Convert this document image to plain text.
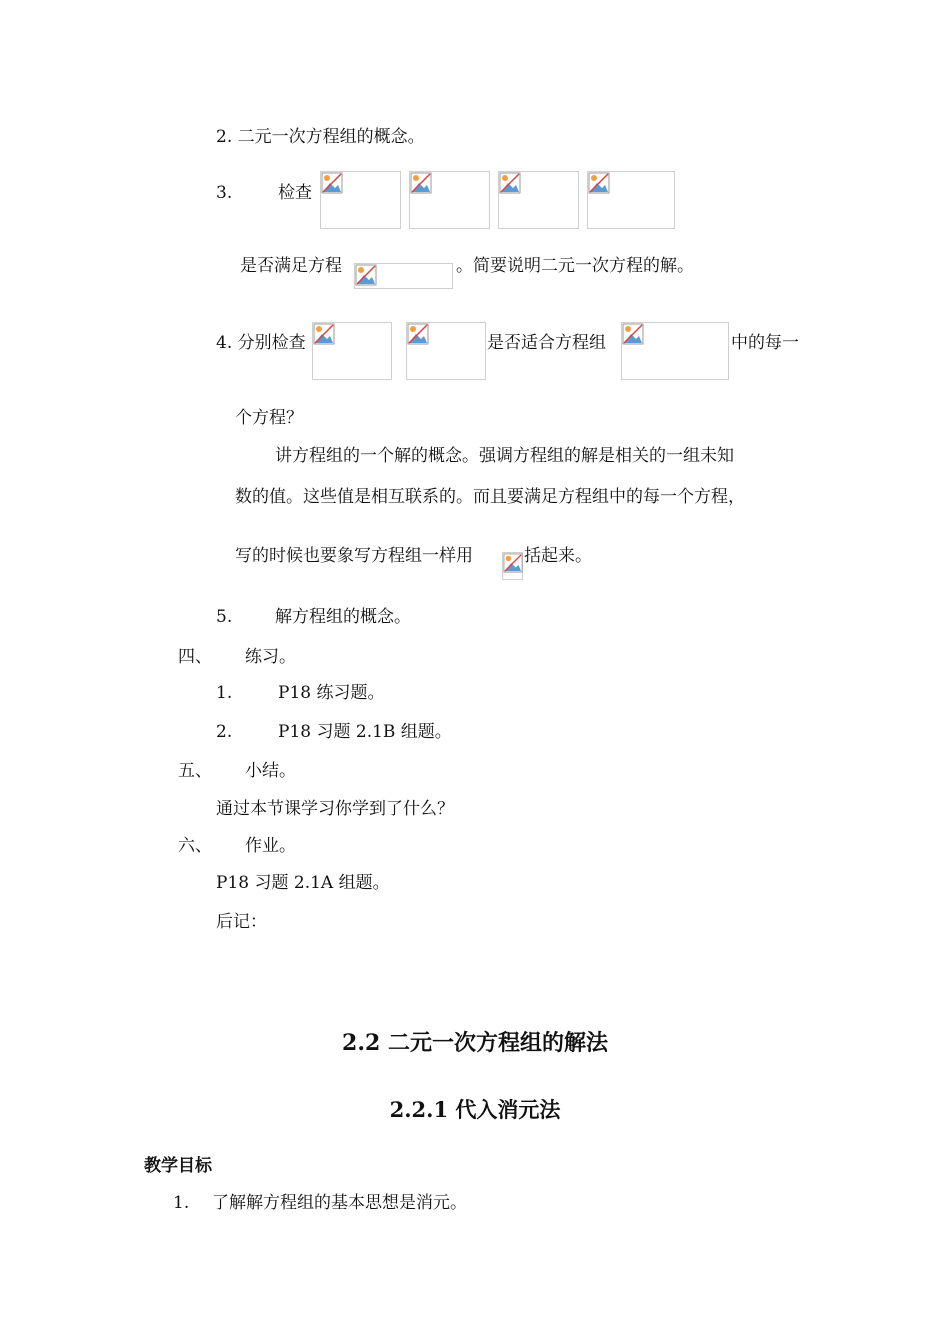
2. 二元一次方程组的概念。
3.	检查
是否满足方程	。简要说明二元一次方程的解。
4. 分别检查	是否适合方程组	中的每一
个方程？
讲方程组的一个解的概念。强调方程组的解是相关的一组未知
数的值。这些值是相互联系的。而且要满足方程组中的每一个方程，
写的时候也要象写方程组一样用	括起来。
5.	解方程组的概念。
四、 练习。
1.	P18 练习题。
2.	P18 习题 2.1B 组题。
五、 小结。
通过本节课学习你学到了什么？
六、 作业。
P18 习题 2.1A 组题。
后记：
2.2 二元一次方程组的解法
2.2.1 代入消元法
教学目标
1. 了解解方程组的基本思想是消元。
